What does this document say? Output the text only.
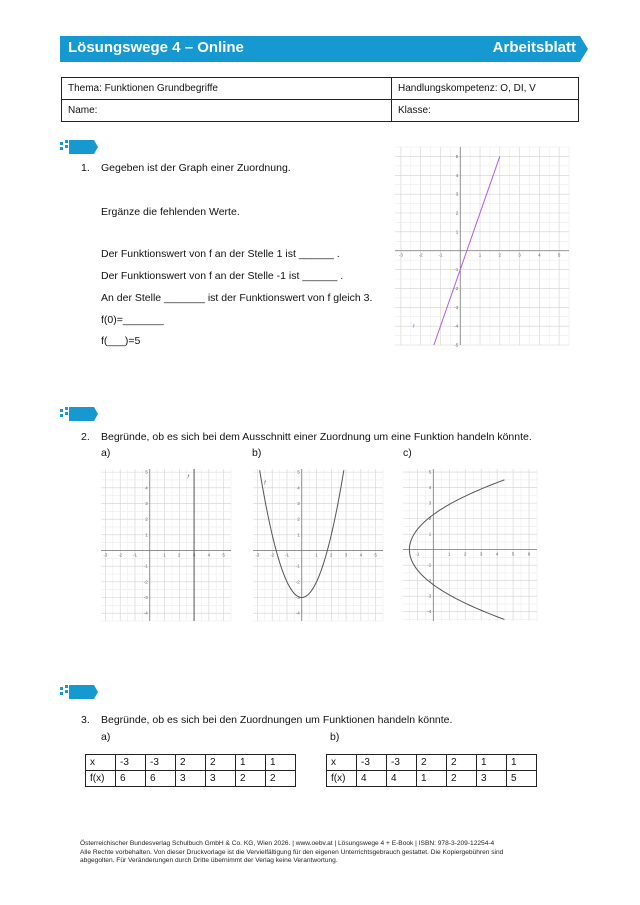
Lösungswege 4 – Online	Arbeitsblatt
Thema: Funktionen Grundbegriffe	Handlungskompetenz: O, DI, V
Name:	Klasse:
1. Gegeben ist der Graph einer Zuordnung.
Ergänze die fehlenden Werte.
Der Funktionswert von f an der Stelle 1 ist ______ .
Der Funktionswert von f an der Stelle -1 ist ______ .
An der Stelle _______ ist der Funktionswert von f gleich 3.
f(0)=_______
f(___)=5
-3	-2	-1	1	2	3	4	5
-5
-4
-3
-2
-1
1
2
3
4
5
f
2. Begründe, ob es sich bei dem Ausschnitt einer Zuordnung um eine Funktion handeln könnte.
a)	b)	c)
-3 -2 -1	1	2	3	4	5
-4
-3
-2
-1
1
2
3
4
5
f
-3 -2 -1	1	2	3	4	5
-4
-3
-2
-1
1
2
3
4
5
f
-1	1	2	3	4	5	6
-4
-3
-2
-1
1
2
3
4
5
3. Begründe, ob es sich bei den Zuordnungen um Funktionen handeln könnte.
a)	b)
x	-3	-3	2	2	1	1
f(x)	6	6	3	3	2	2
x	-3	-3	2	2	1	1
f(x)	4	4	1	2	3	5
Österreichischer Bundesverlag Schulbuch GmbH & Co. KG, Wien 2026. | www.oebv.at | Lösungswege 4 + E-Book | ISBN: 978-3-209-12254-4
Alle Rechte vorbehalten. Von dieser Druckvorlage ist die Vervielfältigung für den eigenen Unterrichtsgebrauch gestattet. Die Kopiergebühren sind
abgegolten. Für Veränderungen durch Dritte übernimmt der Verlag keine Verantwortung.
